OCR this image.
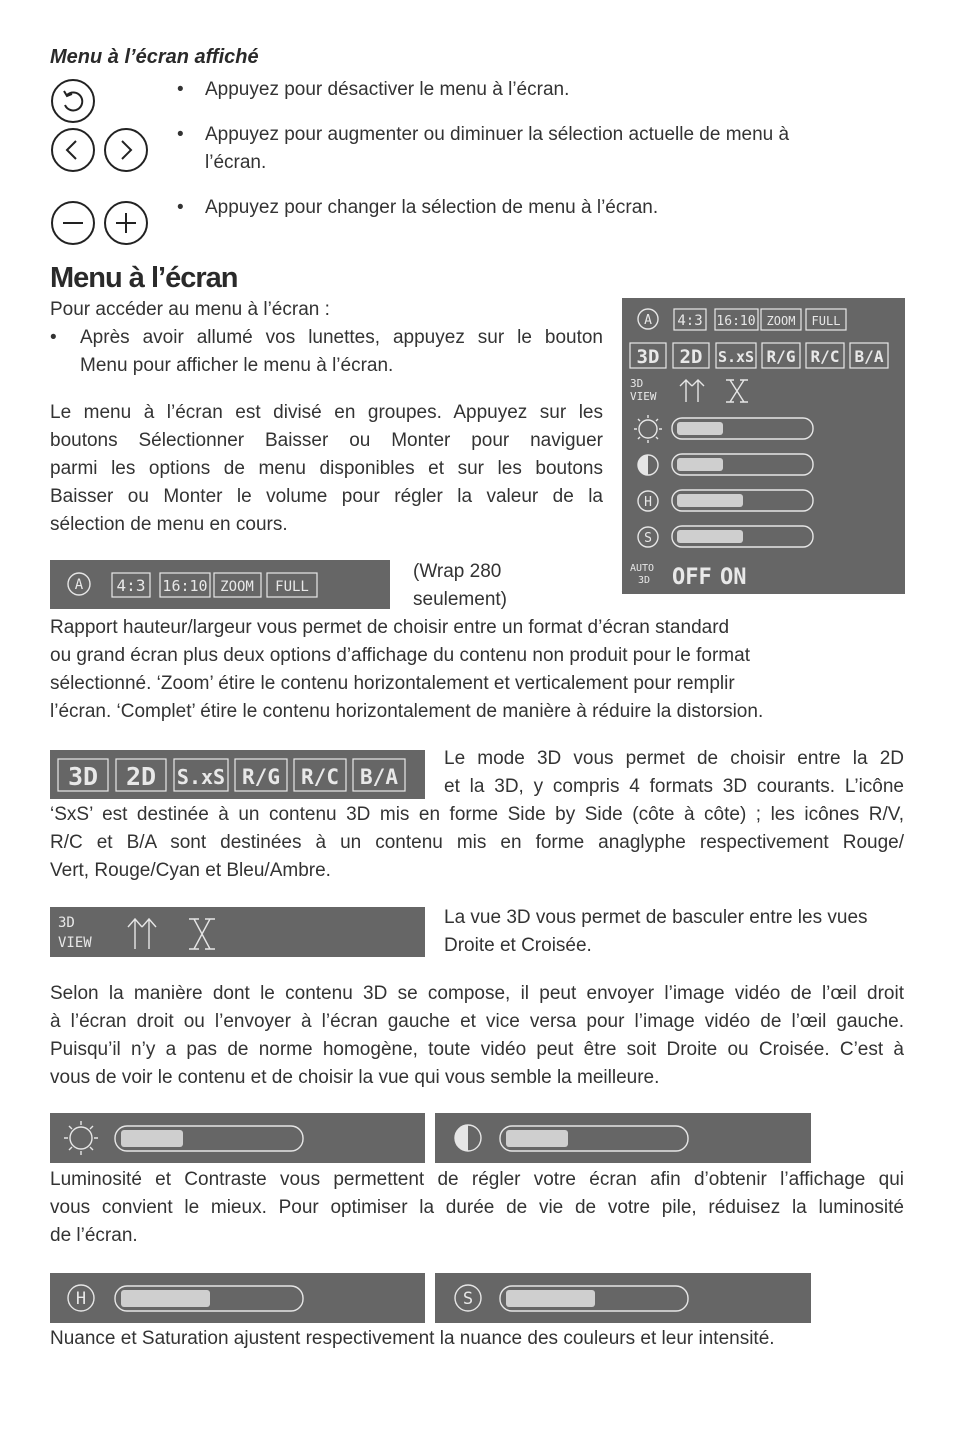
Menu à l’écran affiché
• Appuyez pour désactiver le menu à l’écran.
• Appuyez pour augmenter ou diminuer la sélection actuelle de menu à
l’écran.
• Appuyez pour changer la sélection de menu à l’écran.
Menu à l’écran
Pour accéder au menu à l’écran :
• Après avoir allumé vos lunettes, appuyez sur le bouton
Menu pour afficher le menu à l’écran.
Le menu à l’écran est divisé en groupes. Appuyez sur les
boutons Sélectionner Baisser ou Monter pour naviguer
parmi les options de menu disponibles et sur les boutons
Baisser ou Monter le volume pour régler la valeur de la
sélection de menu en cours.
A 4:3 16:10 ZOOM FULL
3D 2D S.xS R/G R/C B/A
3D
VIEW
H
S
AUTO
3D OFF ON
A 4:3 16:10 ZOOM FULL
(Wrap 280
seulement)
Rapport hauteur/largeur vous permet de choisir entre un format d’écran standard
ou grand écran plus deux options d’affichage du contenu non produit pour le format
sélectionné. ‘Zoom’ étire le contenu horizontalement et verticalement pour remplir
l’écran. ‘Complet’ étire le contenu horizontalement de manière à réduire la distorsion.
3D 2D S.xS R/G R/C B/A
Le mode 3D vous permet de choisir entre la 2D
et la 3D, y compris 4 formats 3D courants. L’icône
‘SxS’ est destinée à un contenu 3D mis en forme Side by Side (côte à côte) ; les icônes R/V,
R/C et B/A sont destinées à un contenu mis en forme anaglyphe respectivement Rouge/
Vert, Rouge/Cyan et Bleu/Ambre.
3D
VIEW
La vue 3D vous permet de basculer entre les vues
Droite et Croisée.
Selon la manière dont le contenu 3D se compose, il peut envoyer l’image vidéo de l’œil droit
à l’écran droit ou l’envoyer à l’écran gauche et vice versa pour l’image vidéo de l’œil gauche.
Puisqu’il n’y a pas de norme homogène, toute vidéo peut être soit Droite ou Croisée. C’est à
vous de voir le contenu et de choisir la vue qui vous semble la meilleure.
Luminosité et Contraste vous permettent de régler votre écran afin d’obtenir l’affichage qui
vous convient le mieux. Pour optimiser la durée de vie de votre pile, réduisez la luminosité
de l’écran.
H	S
Nuance et Saturation ajustent respectivement la nuance des couleurs et leur intensité.
